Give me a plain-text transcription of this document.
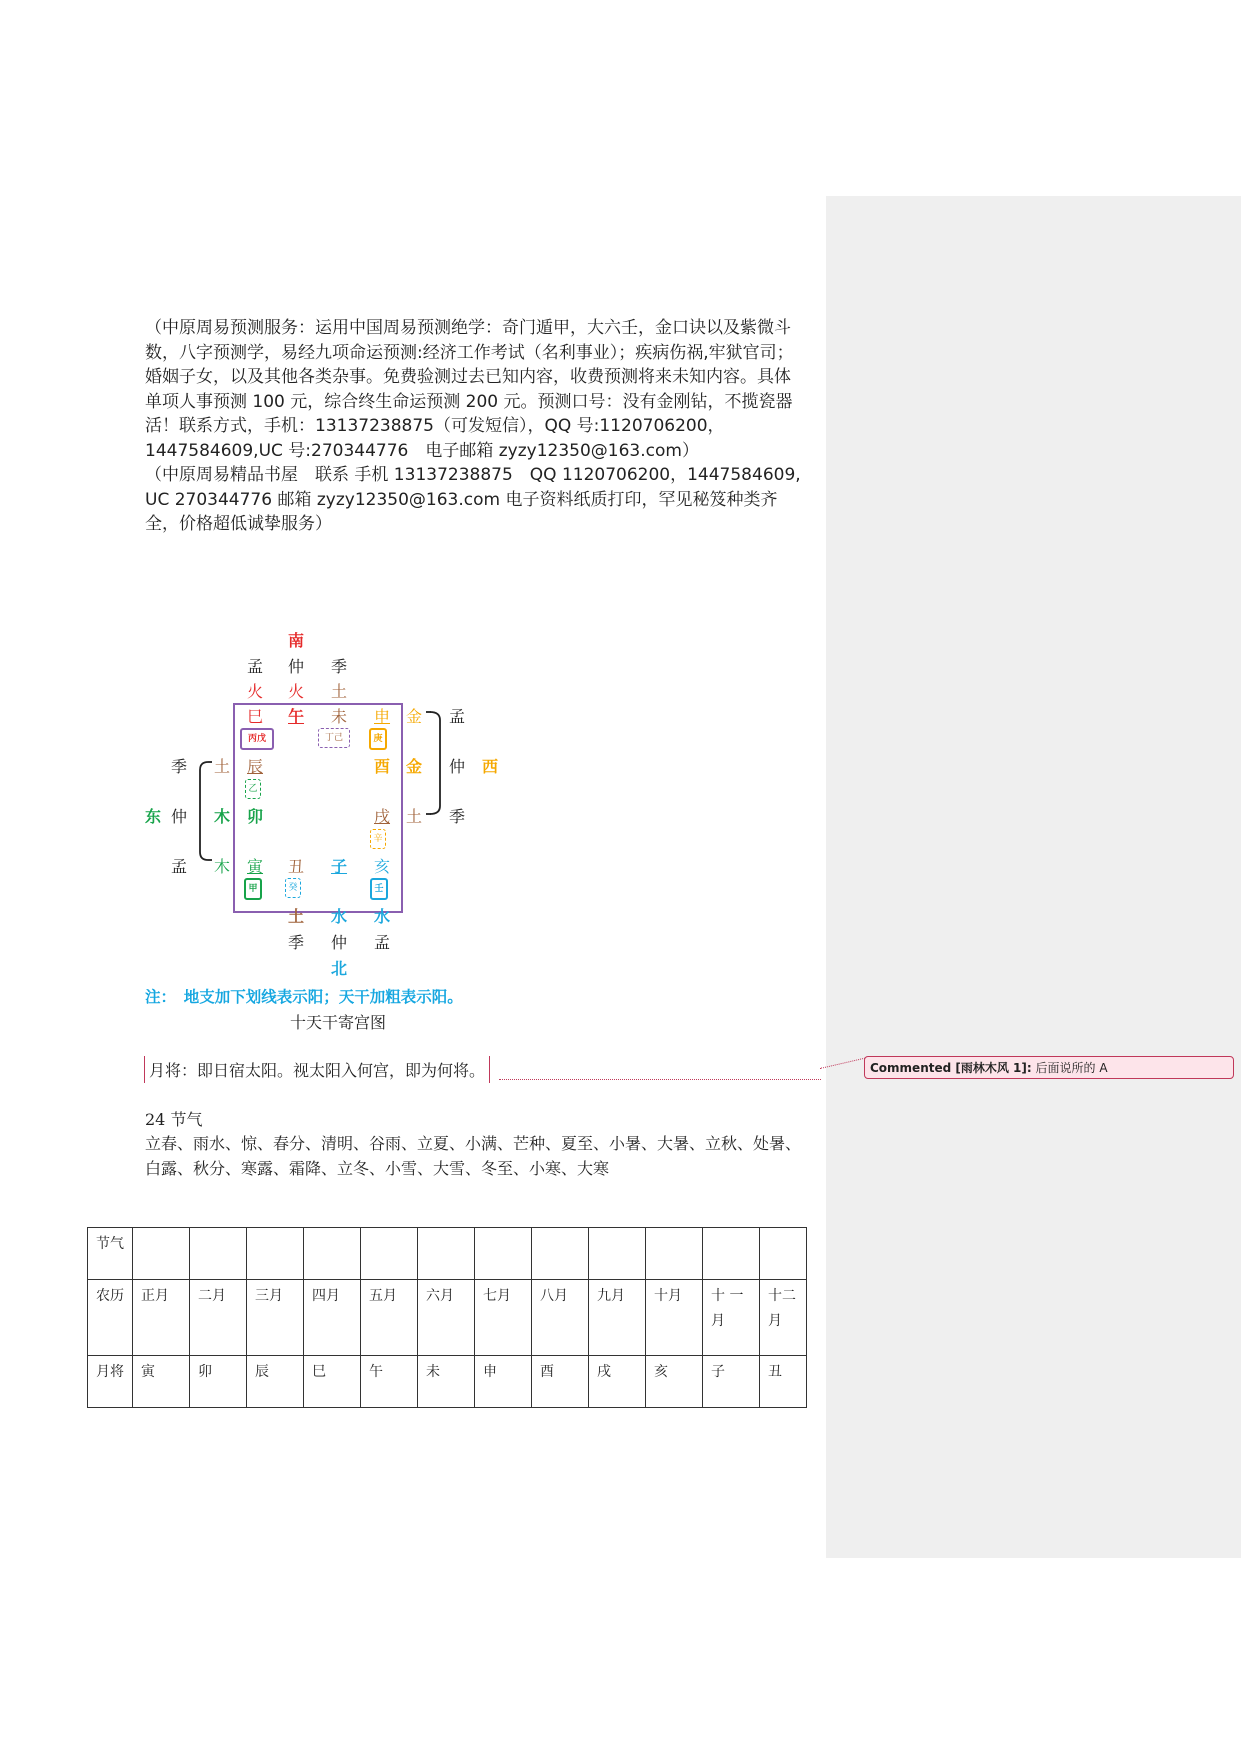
（中原周易预测服务：运用中国周易预测绝学：奇门遁甲，大六壬，金口诀以及紫微斗数，八字预测学，易经九项命运预测:经济工作考试（名利事业）；疾病伤祸,牢狱官司；婚姻子女，以及其他各类杂事。免费验测过去已知内容，收费预测将来未知内容。具体单项人事预测 100 元，综合终生命运预测 200 元。预测口号：没有金刚钻，不揽瓷器活！联系方式，手机：13137238875（可发短信），QQ 号:1120706200，1447584609,UC 号:270344776　电子邮箱 zyzy12350@163.com）

（中原周易精品书屋　联系 手机 13137238875　QQ 1120706200，1447584609, UC 270344776 邮箱 zyzy12350@163.com 电子资料纸质打印，罕见秘笈种类齐全，价格超低诚挚服务）

南
孟 仲 季
火 火 土
巳 午 未 申 金 孟
丙戊	丁己	庚
季 土 辰	酉 金 仲 西
乙
东 仲 木 卯	戌 土 季
辛
孟 木 寅 丑 子 亥
甲	癸	壬
土 水 水
季 仲 孟
北
注：　地支加下划线表示阳；天干加粗表示阳。
十天干寄宫图
月将：即日宿太阳。视太阳入何宫，即为何将。	Commented [雨林木风 1]: 后面说所的 A
24 节气
立春、雨水、惊、春分、清明、谷雨、立夏、小满、芒种、夏至、小暑、大暑、立秋、处暑、白露、秋分、寒露、霜降、立冬、小雪、大雪、冬至、小寒、大寒
节气												
农历	正月	二月	三月	四月	五月	六月	七月	八月	九月	十月	十 一月	十二月
月将	寅	卯	辰	巳	午	未	申	酉	戌	亥	子	丑
